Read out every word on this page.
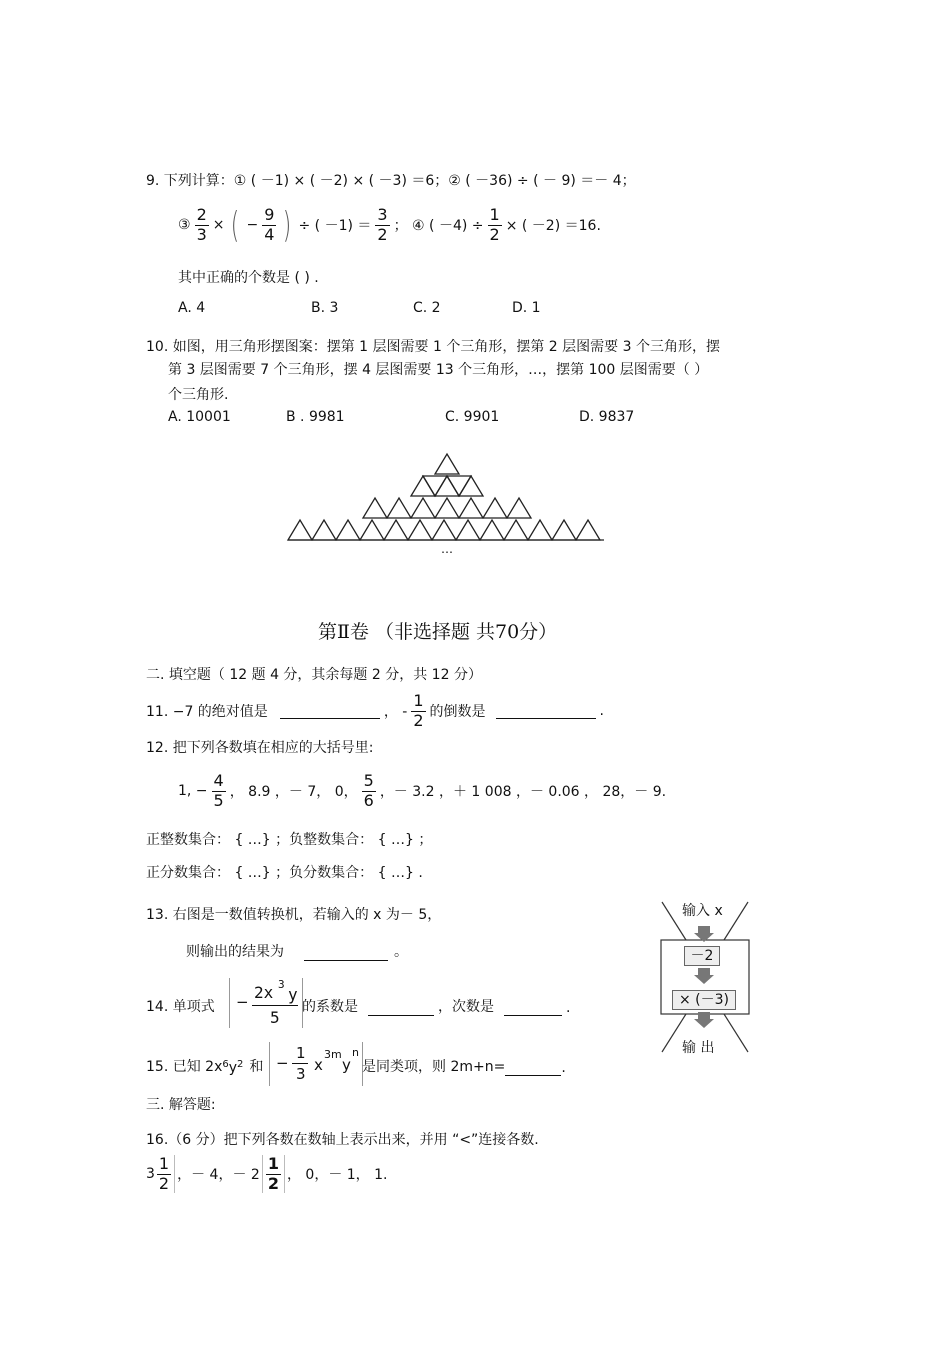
9. 下列计算：① ( －1) × ( －2) × ( －3) ＝6；② ( －36) ÷ ( － 9) ＝－ 4；
③ $\frac{2}{3}$ × ( − $\frac{9}{4}$ ) ÷ ( $-1) = \frac{3}{2}$ ； ④ ( $-4) \div \frac{1}{2}$ × ( －2) ＝16.
其中正确的个数是 ( ) .
A. 4	B. 3	C. 2	D. 1
10. 如图，用三角形摆图案：摆第 1 层图需要 1 个三角形，摆第 2 层图需要 3 个三角形，摆
第 3 层图需要 7 个三角形，摆 4 层图需要 13 个三角形，…，摆第 100 层图需要（ ）
个三角形.
A. 10001	B . 9981	C. 9901	D. 9837
…
第Ⅱ卷 （非选择题 共70分）
二. 填空题（ 12 题 4 分，其余每题 2 分，共 12 分）
11. −7 的绝对值是	， - $\frac{1}{2}$ 的倒数是	.
12. 把下列各数填在相应的大括号里:
1, − $\frac{4}{5}$ ， 8.9 ，－ 7， 0， $\frac{5}{6}$ ，－ 3.2 ，＋ 1 008 ，－ 0.06 ， 28，－ 9.
正整数集合： { …} ；负整数集合： { …} ；
正分数集合： { …} ；负分数集合： { …} .
13. 右图是一数值转换机，若输入的 x 为－ 5，
则输出的结果为	。
14. 单项式 − 2x 3
y
5
的系数是	，次数是	.
15. 已知 2x 6 y 2 和 −
1
3 x
3m
y
n
是同类项，则 2m+n=	.
输入 x
－2
× (－3)
输 出
三. 解答题:
16.（6 分）把下列各数在数轴上表示出来，并用 “<”连接各数.
$3 \frac{1}{2}$ ，－ 4，－ $2 \frac{1}{2}$ ， 0，－ 1， 1.
